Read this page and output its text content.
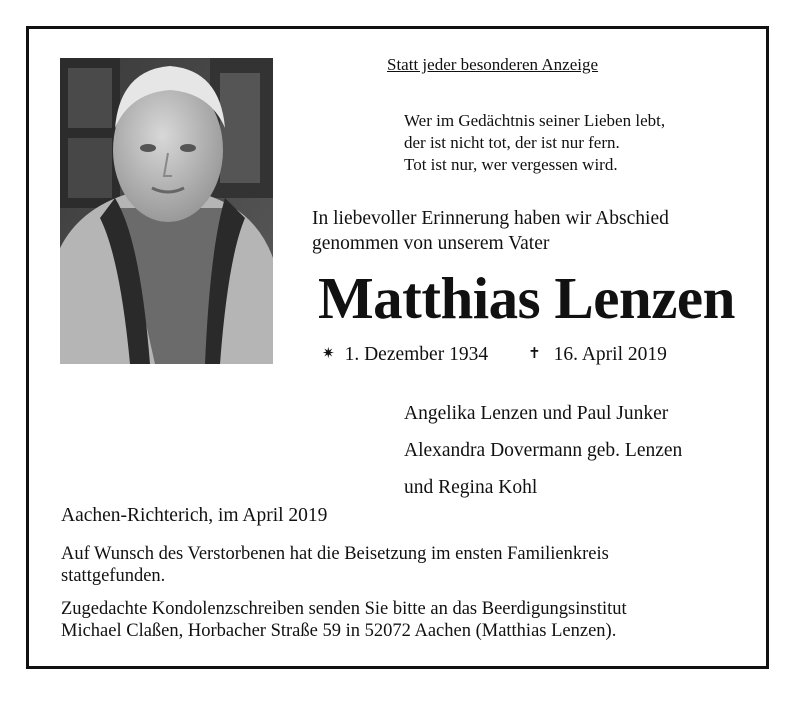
Statt jeder besonderen Anzeige
Wer im Gedächtnis seiner Lieben lebt,
der ist nicht tot, der ist nur fern.
Tot ist nur, wer vergessen wird.
In liebevoller Erinnerung haben wir Abschied
genommen von unserem Vater
Matthias Lenzen
✷ 1. Dezember 1934	✝ 16. April 2019
Angelika Lenzen und Paul Junker
Alexandra Dovermann geb. Lenzen
und Regina Kohl
Aachen-Richterich, im April 2019
Auf Wunsch des Verstorbenen hat die Beisetzung im ensten Familienkreis
stattgefunden.
Zugedachte Kondolenzschreiben senden Sie bitte an das Beerdigungsinstitut
Michael Claßen, Horbacher Straße 59 in 52072 Aachen (Matthias Lenzen).
